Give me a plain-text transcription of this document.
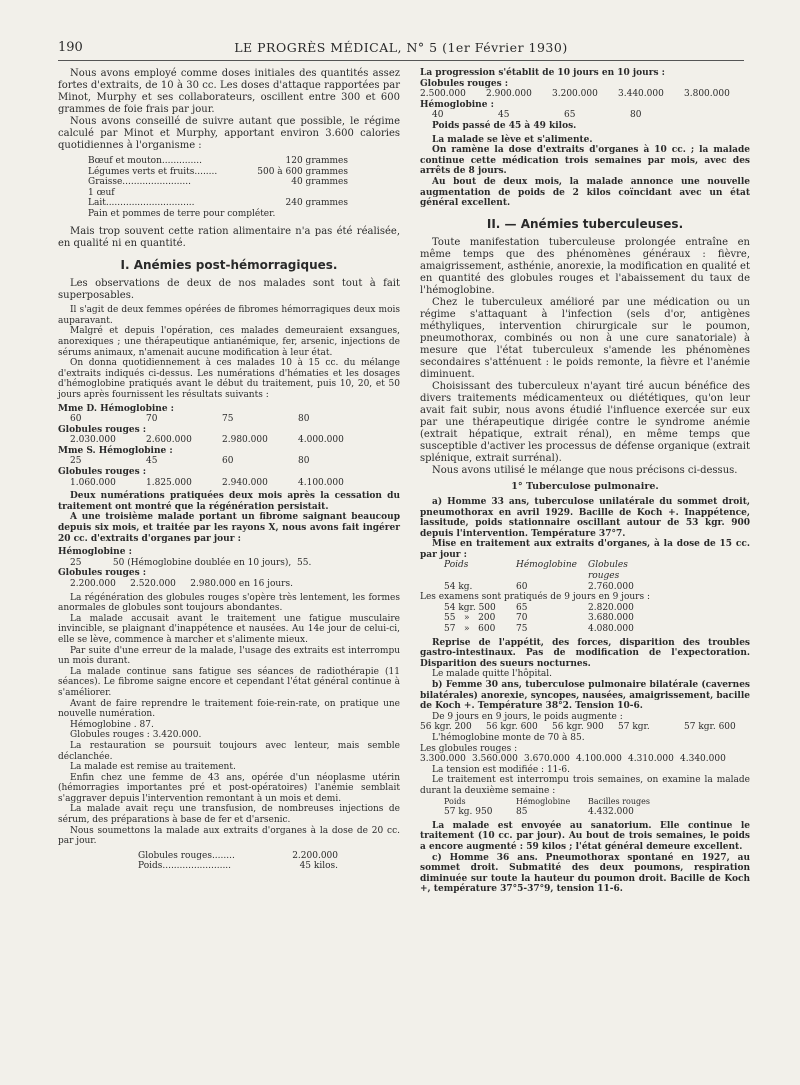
190	LE PROGRÈS MÉDICAL, N° 5 (1er Février 1930)

Nous avons employé comme doses initiales des quantités assez fortes d'extraits, de 10 à 30 cc. Les doses d'attaque rapportées par Minot, Murphy et ses collaborateurs, oscillent entre 300 et 600 grammes de foie frais par jour.

Nous avons conseillé de suivre autant que possible, le régime calculé par Minot et Murphy, apportant environ 3.600 calories quotidiennes à l'organisme :

Bœuf et mouton..............	120 grammes
Légumes verts et fruits........	500 à 600 grammes
Graisse........................	40 grammes
1 œuf
Lait...............................	240 grammes
Pain et pommes de terre pour compléter.

Mais trop souvent cette ration alimentaire n'a pas été réalisée, en qualité ni en quantité.

I. Anémies post-hémorragiques.

Les observations de deux de nos malades sont tout à fait superposables.

Il s'agit de deux femmes opérées de fibromes hémorragiques deux mois auparavant.

Malgré et depuis l'opération, ces malades demeuraient exsangues, anorexiques ; une thérapeutique antianémique, fer, arsenic, injections de sérums animaux, n'amenait aucune modification à leur état.

On donna quotidiennement à ces malades 10 à 15 cc. du mélange d'extraits indiqués ci-dessus. Les numérations d'hématies et les dosages d'hémoglobine pratiqués avant le début du traitement, puis 10, 20, et 50 jours après fournissent les résultats suivants :

Mme D. Hémoglobine :

60	70	75	80

Globules rouges :

2.030.000	2.600.000	2.980.000	4.000.000

Mme S. Hémoglobine :

25	45	60	80

Globules rouges :

1.060.000	1.825.000	2.940.000	4.100.000

Deux numérations pratiquées deux mois après la cessation du traitement ont montré que la régénération persistait.

A une troisième malade portant un fibrome saignant beaucoup depuis six mois, et traitée par les rayons X, nous avons fait ingérer 20 cc. d'extraits d'organes par jour :

Hémoglobine :

25           50 (Hémoglobine doublée en 10 jours),  55.

Globules rouges :

2.200.000     2.520.000     2.980.000 en 16 jours.

La régénération des globules rouges s'opère très lentement, les formes anormales de globules sont toujours abondantes.

La malade accusait avant le traitement une fatigue musculaire invincible, se plaignant d'inappétence et nausées. Au 14e jour de celui-ci, elle se lève, commence à marcher et s'alimente mieux.

Par suite d'une erreur de la malade, l'usage des extraits est interrompu un mois durant.

La malade continue sans fatigue ses séances de radiothérapie (11 séances). Le fibrome saigne encore et cependant l'état général continue à s'améliorer.

Avant de faire reprendre le traitement foie-rein-rate, on pratique une nouvelle numération.

Hémoglobine . 87.

Globules rouges : 3.420.000.

La restauration se poursuit toujours avec lenteur, mais semble déclanchée.

La malade est remise au traitement.

Enfin chez une femme de 43 ans, opérée d'un néoplasme utérin (hémorragies importantes pré et post-opératoires) l'anémie semblait s'aggraver depuis l'intervention remontant à un mois et demi.

La malade avait reçu une transfusion, de nombreuses injections de sérum, des préparations à base de fer et d'arsenic.

Nous soumettons la malade aux extraits d'organes à la dose de 20 cc. par jour.

Globules rouges........	2.200.000
Poids........................	45 kilos.

La progression s'établit de 10 jours en 10 jours :

Globules rouges :

2.500.000	2.900.000	3.200.000	3.440.000	3.800.000

Hémoglobine :

40	45	65	80

Poids passé de 45 à 49 kilos.

La malade se lève et s'alimente.

On ramène la dose d'extraits d'organes à 10 cc. ; la malade continue cette médication trois semaines par mois, avec des arrêts de 8 jours.

Au bout de deux mois, la malade annonce une nouvelle augmentation de poids de 2 kilos coïncidant avec un état général excellent.

II. — Anémies tuberculeuses.

Toute manifestation tuberculeuse prolongée entraîne en même temps que des phénomènes généraux : fièvre, amaigrissement, asthénie, anorexie, la modification en qualité et en quantité des globules rouges et l'abaissement du taux de l'hémoglobine.

Chez le tuberculeux amélioré par une médication ou un régime s'attaquant à l'infection (sels d'or, antigènes méthyliques, intervention chirurgicale sur le poumon, pneumothorax, combinés ou non à une cure sanatoriale) à mesure que l'état tuberculeux s'amende les phénomènes secondaires s'atténuent : le poids remonte, la fièvre et l'anémie diminuent.

Choisissant des tuberculeux n'ayant tiré aucun bénéfice des divers traitements médicamenteux ou diététiques, qu'on leur avait fait subir, nous avons étudié l'influence exercée sur eux par une thérapeutique dirigée contre le syndrome anémie (extrait hépatique, extrait rénal), en même temps que susceptible d'activer les processus de défense organique (extrait splénique, extrait surrénal).

Nous avons utilisé le mélange que nous précisons ci-dessus.

1° Tuberculose pulmonaire.

a) Homme 33 ans, tuberculose unilatérale du sommet droit, pneumothorax en avril 1929. Bacille de Koch +. Inappétence, lassitude, poids stationnaire oscillant autour de 53 kgr. 900 depuis l'intervention. Température 37°7.

Mise en traitement aux extraits d'organes, à la dose de 15 cc. par jour :

Poids	Hémoglobine	Globules rouges
54 kg.	60	2.760.000

Les examens sont pratiqués de 9 jours en 9 jours :

54 kgr. 500	65	2.820.000
55   »   200	70	3.680.000
57   »   600	75	4.080.000

Reprise de l'appétit, des forces, disparition des troubles gastro-intestinaux. Pas de modification de l'expectoration. Disparition des sueurs nocturnes.

Le malade quitte l'hôpital.

b) Femme 30 ans, tuberculose pulmonaire bilatérale (cavernes bilatérales) anorexie, syncopes, nausées, amaigrissement, bacille de Koch +. Température 38°2. Tension 10-6.

De 9 jours en 9 jours, le poids augmente :

56 kgr. 200	56 kgr. 600	56 kgr. 900	57 kgr.	57 kgr. 600

L'hémoglobine monte de 70 à 85.

Les globules rouges :

3.300.000 3.560.000 3.670.000 4.100.000 4.310.000 4.340.000

La tension est modifiée : 11-6.

Le traitement est interrompu trois semaines, on examine la malade durant la deuxième semaine :

Poids	Hémoglobine	Bacilles rouges
57 kg. 950	85	4.432.000

La malade est envoyée au sanatorium. Elle continue le traitement (10 cc. par jour). Au bout de trois semaines, le poids a encore augmenté : 59 kilos ; l'état général demeure excellent.

c) Homme 36 ans. Pneumothorax spontané en 1927, au sommet droit. Submatité des deux poumons, respiration diminuée sur toute la hauteur du poumon droit. Bacille de Koch +, température 37°5-37°9, tension 11-6.
